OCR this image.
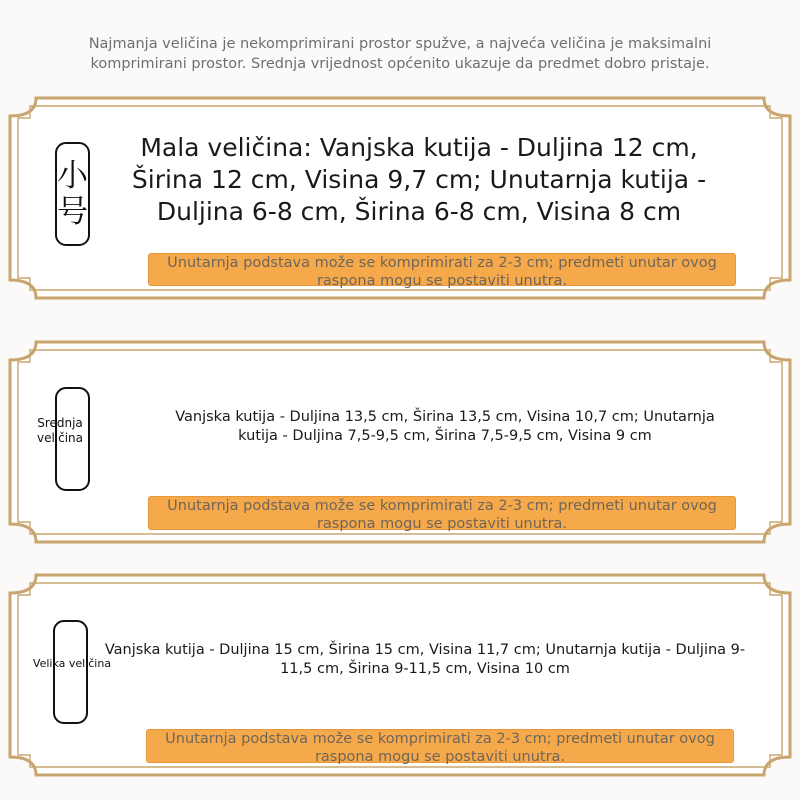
Najmanja veličina je nekomprimirani prostor spužve, a najveća veličina je maksimalni komprimirani prostor. Srednja vrijednost općenito ukazuje da predmet dobro pristaje.
小号
Mala veličina: Vanjska kutija - Duljina 12 cm, Širina 12 cm, Visina 9,7 cm; Unutarnja kutija - Duljina 6-8 cm, Širina 6-8 cm, Visina 8 cm
Unutarnja podstava može se komprimirati za 2-3 cm; predmeti unutar ovog raspona mogu se postaviti unutra.
Srednja veličina
Vanjska kutija - Duljina 13,5 cm, Širina 13,5 cm, Visina 10,7 cm; Unutarnja kutija - Duljina 7,5-9,5 cm, Širina 7,5-9,5 cm, Visina 9 cm
Unutarnja podstava može se komprimirati za 2-3 cm; predmeti unutar ovog raspona mogu se postaviti unutra.
Velika veličina
Vanjska kutija - Duljina 15 cm, Širina 15 cm, Visina 11,7 cm; Unutarnja kutija - Duljina 9-11,5 cm, Širina 9-11,5 cm, Visina 10 cm
Unutarnja podstava može se komprimirati za 2-3 cm; predmeti unutar ovog raspona mogu se postaviti unutra.
